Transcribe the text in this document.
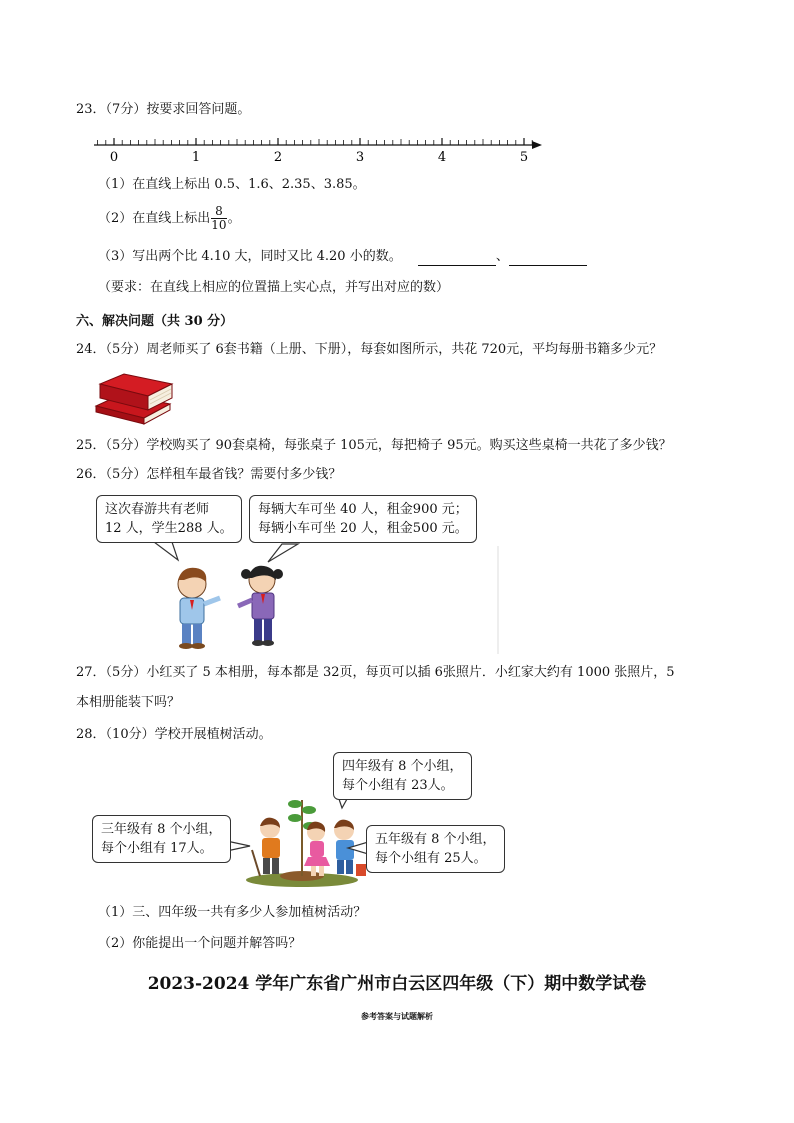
23．（7分）按要求回答问题。
0	1	2	3	4	5
（1）在直线上标出 0.5、1.6、2.35、3.85。
（2）在直线上标出 $\frac{8}{10}$ 。
（3）写出两个比 4.10 大，同时又比 4.20 小的数。	、
（要求：在直线上相应的位置描上实心点，并写出对应的数）
六、解决问题（共 30 分）
24．（5分）周老师买了 6套书籍（上册、下册），每套如图所示，共花 720元，平均每册书籍多少元？
25．（5分）学校购买了 90套桌椅，每张桌子 105元，每把椅子 95元。购买这些桌椅一共花了多少钱？
26．（5分）怎样租车最省钱？需要付多少钱？
这次春游共有老师
12 人，学生288 人。
每辆大车可坐 40 人，租金900 元；
每辆小车可坐 20 人，租金500 元。
27．（5分）小红买了 5 本相册，每本都是 32页，每页可以插 6张照片．小红家大约有 1000 张照片，5
本相册能装下吗？
28．（10分）学校开展植树活动。
四年级有 8 个小组，
每个小组有 23人。
三年级有 8 个小组，
每个小组有 17人。
五年级有 8 个小组，
每个小组有 25人。
（1）三、四年级一共有多少人参加植树活动？
（2）你能提出一个问题并解答吗？
2023-2024 学年广东省广州市白云区四年级（下）期中数学试卷
参考答案与试题解析
